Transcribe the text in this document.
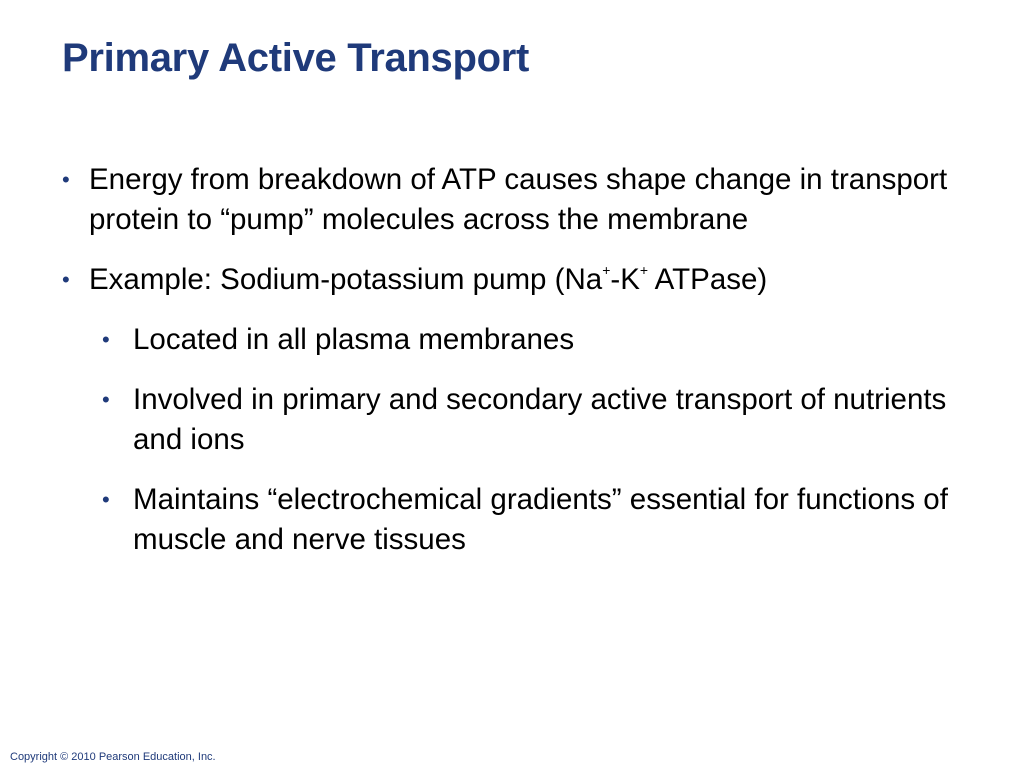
Primary Active Transport
• Energy from breakdown of ATP causes shape change in transport protein to “pump” molecules across the membrane
• Example: Sodium-potassium pump (Na+-K+ ATPase)
• Located in all plasma membranes
• Involved in primary and secondary active transport of nutrients and ions
• Maintains “electrochemical gradients” essential for functions of muscle and nerve tissues
Copyright © 2010 Pearson Education, Inc.
